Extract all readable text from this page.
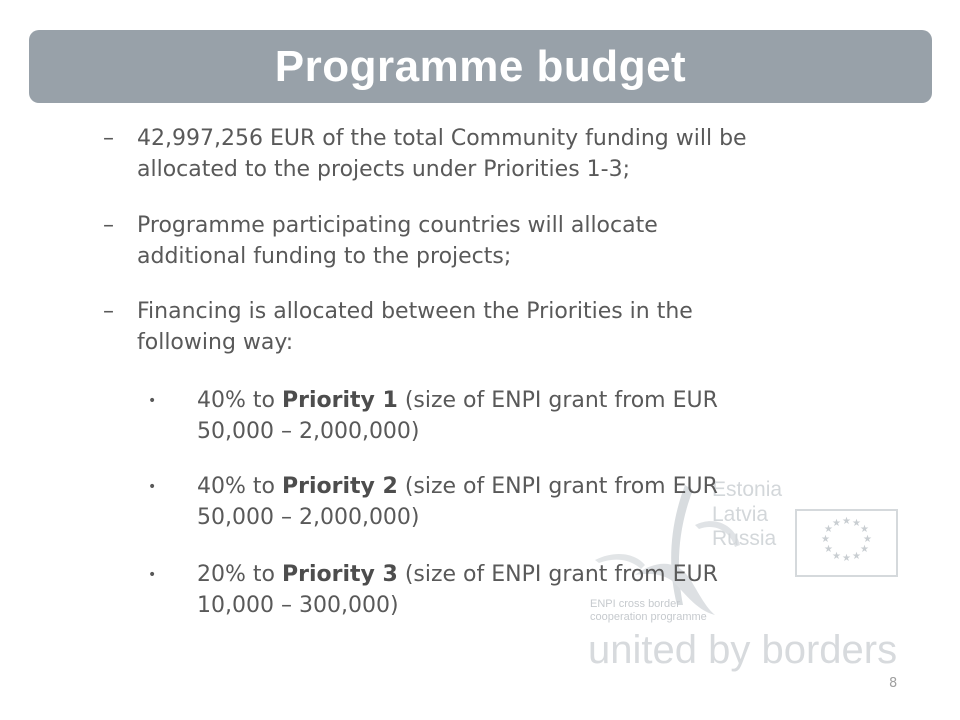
Programme budget
★ ★
★
★
★
★
★
★
★
★
★
★
Estonia
Latvia
Russia
ENPI cross border
cooperation programme
united by borders
– 42,997,256 EUR of the total Community funding will be
allocated to the projects under Priorities 1-3;
– Programme participating countries will allocate
additional funding to the projects;
– Financing is allocated between the Priorities in the
following way:
• 40% to Priority 1 (size of ENPI grant from EUR
50,000 – 2,000,000)
• 40% to Priority 2 (size of ENPI grant from EUR
50,000 – 2,000,000)
• 20% to Priority 3 (size of ENPI grant from EUR
10,000 – 300,000)
8
